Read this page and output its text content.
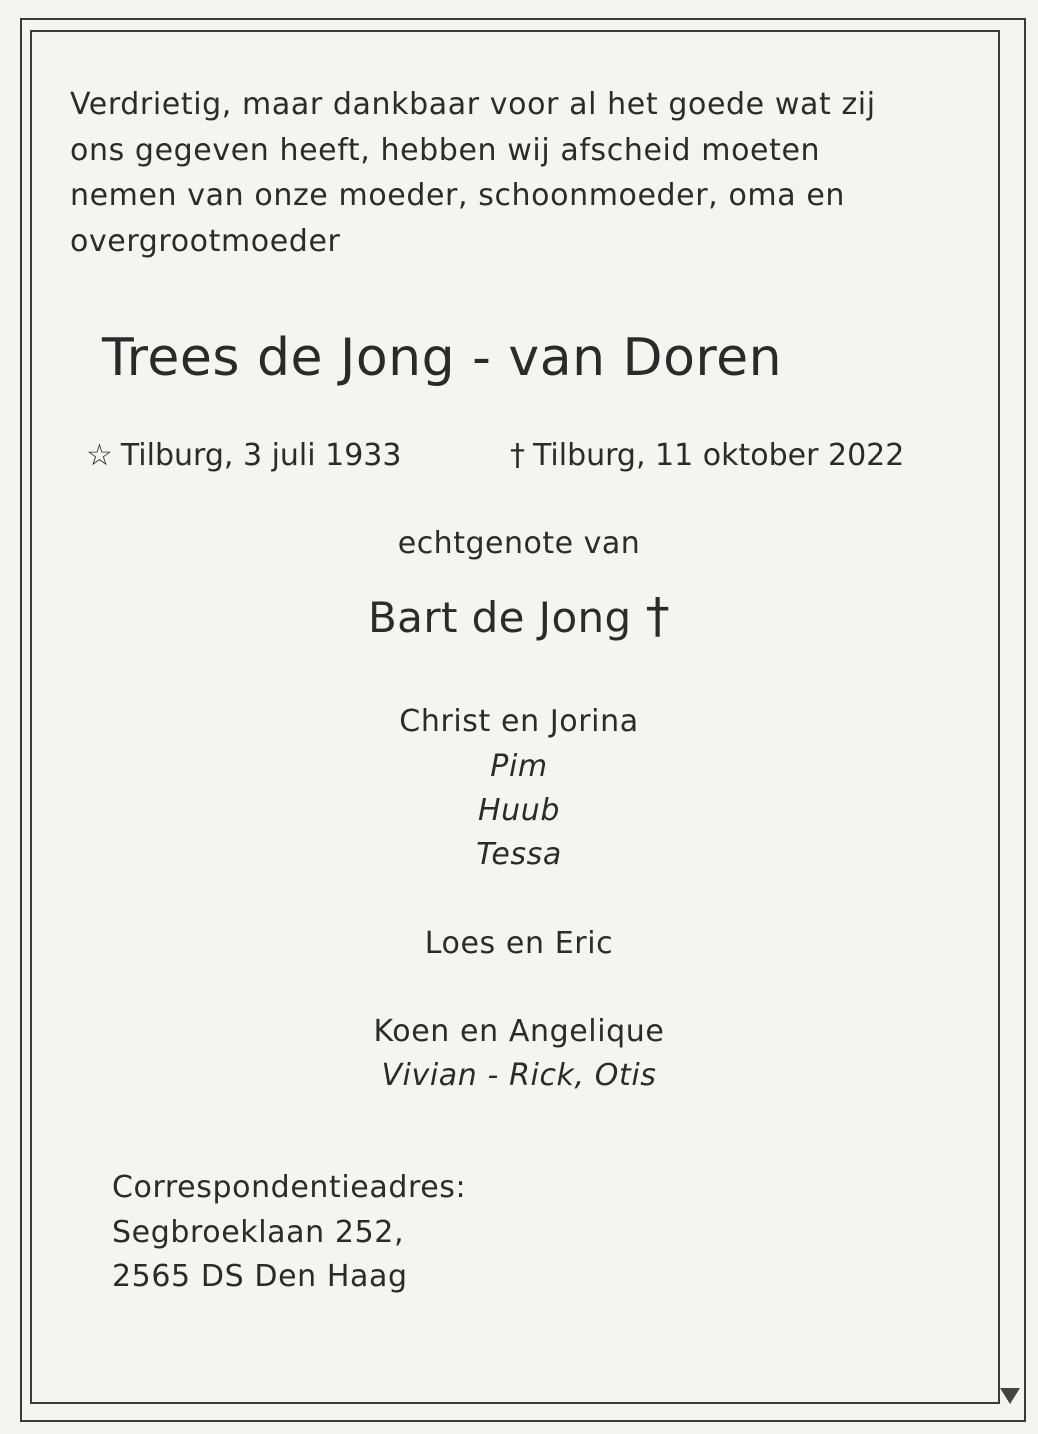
Verdrietig, maar dankbaar voor al het goede wat zij
ons gegeven heeft, hebben wij afscheid moeten
nemen van onze moeder, schoonmoeder, oma en
overgrootmoeder

Trees de Jong - van Doren
☆ Tilburg, 3 juli 1933	† Tilburg, 11 oktober 2022
echtgenote van
Bart de Jong †
Christ en Jorina
Pim
Huub
Tessa
Loes en Eric
Koen en Angelique
Vivian - Rick, Otis
Correspondentieadres:
Segbroeklaan 252,
2565 DS Den Haag
